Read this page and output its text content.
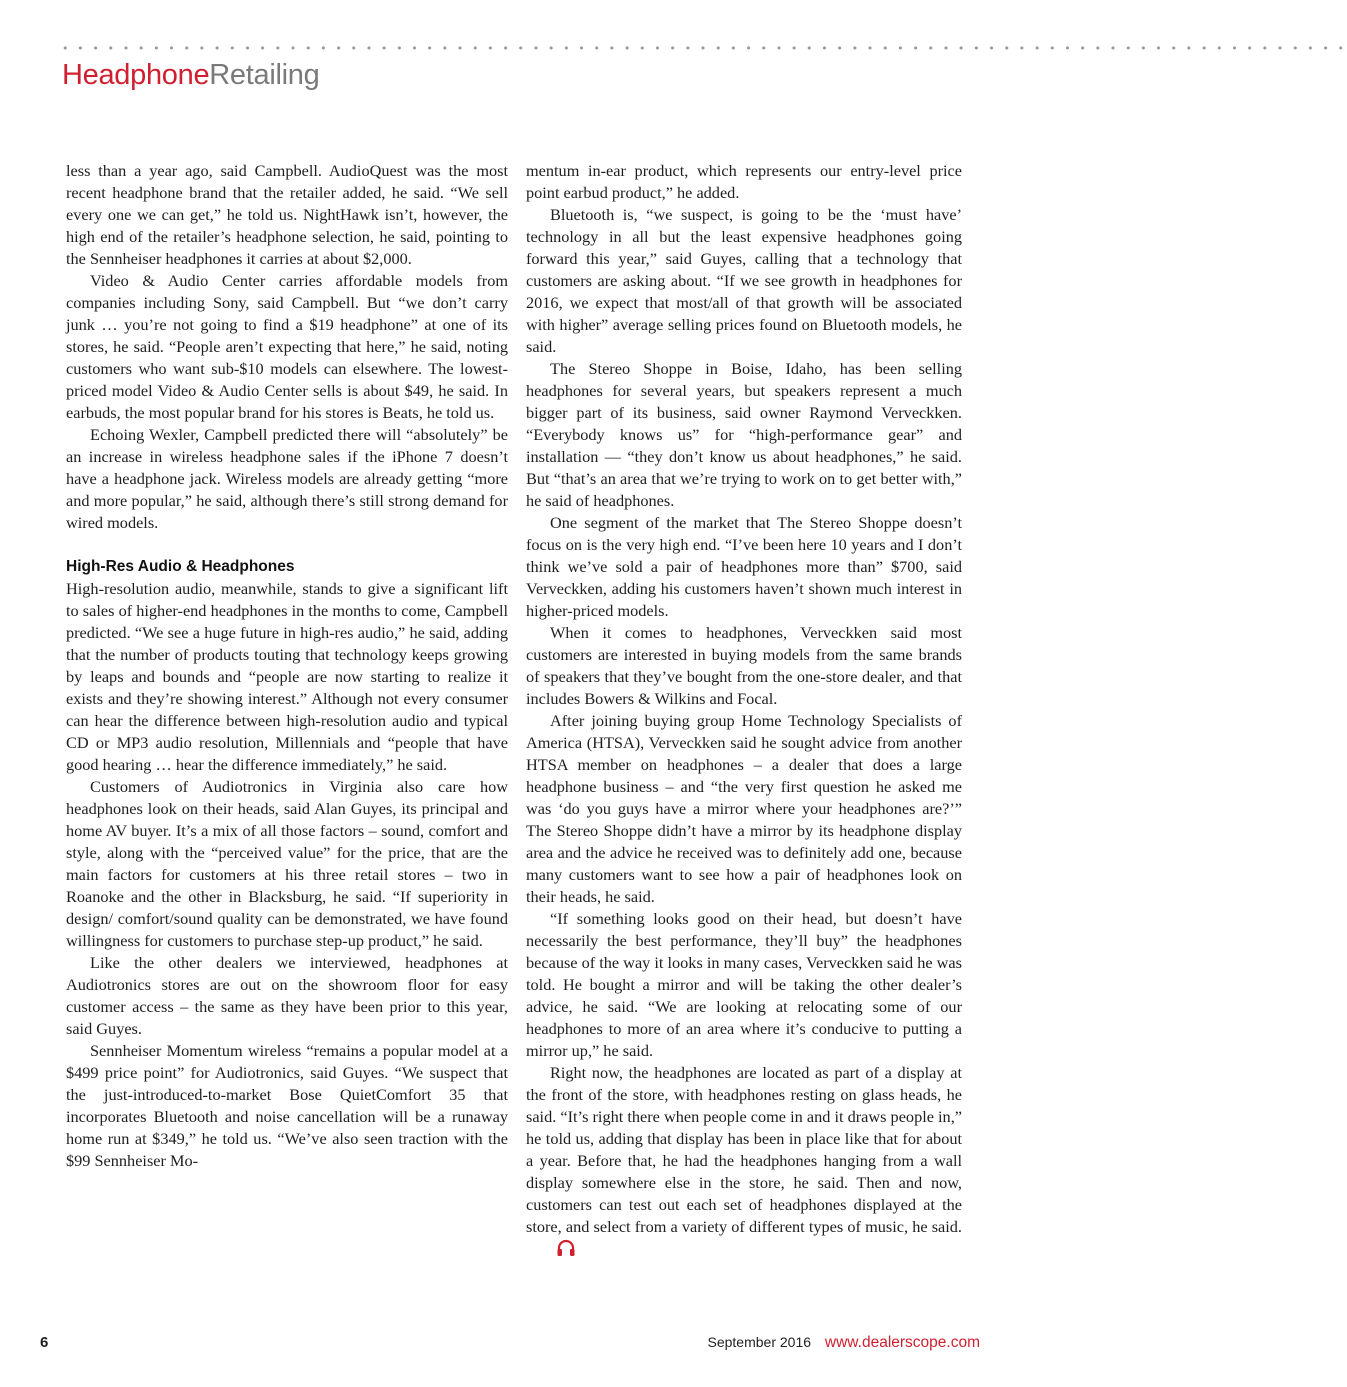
• • • • • • • • • • • • • • • • • • • • • • • • • • • • • • • • • • • • • • • • • • • • • • • • • • • • • • • • • • • • • • • • • • • • • • • • • • • • • • • • • • • • •
HeadphoneRetailing

less than a year ago, said Campbell. AudioQuest was the most recent headphone brand that the retailer added, he said. “We sell every one we can get,” he told us. NightHawk isn’t, however, the high end of the retailer’s headphone selection, he said, pointing to the Sennheiser headphones it carries at about $2,000.

Video & Audio Center carries affordable models from companies including Sony, said Campbell. But “we don’t carry junk … you’re not going to find a $19 headphone” at one of its stores, he said. “People aren’t expecting that here,” he said, noting customers who want sub-$10 models can elsewhere. The lowest-priced model Video & Audio Center sells is about $49, he said. In earbuds, the most popular brand for his stores is Beats, he told us.

Echoing Wexler, Campbell predicted there will “absolutely” be an increase in wireless headphone sales if the iPhone 7 doesn’t have a headphone jack. Wireless models are already getting “more and more popular,” he said, although there’s still strong demand for wired models.

High-Res Audio & Headphones

High-resolution audio, meanwhile, stands to give a significant lift to sales of higher-end headphones in the months to come, Campbell predicted. “We see a huge future in high-res audio,” he said, adding that the number of products touting that technology keeps growing by leaps and bounds and “people are now starting to realize it exists and they’re showing interest.” Although not every consumer can hear the difference between high-resolution audio and typical CD or MP3 audio resolution, Millennials and “people that have good hearing … hear the difference immediately,” he said.

Customers of Audiotronics in Virginia also care how headphones look on their heads, said Alan Guyes, its principal and home AV buyer. It’s a mix of all those factors – sound, comfort and style, along with the “perceived value” for the price, that are the main factors for customers at his three retail stores – two in Roanoke and the other in Blacksburg, he said. “If superiority in design/ comfort/sound quality can be demonstrated, we have found willingness for customers to purchase step-up product,” he said.

Like the other dealers we interviewed, headphones at Audiotronics stores are out on the showroom floor for easy customer access – the same as they have been prior to this year, said Guyes.

Sennheiser Momentum wireless “remains a popular model at a $499 price point” for Audiotronics, said Guyes. “We suspect that the just-introduced-to-market Bose QuietComfort 35 that incorporates Bluetooth and noise cancellation will be a runaway home run at $349,” he told us. “We’ve also seen traction with the $99 Sennheiser Mo-

mentum in-ear product, which represents our entry-level price point earbud product,” he added.

Bluetooth is, “we suspect, is going to be the ‘must have’ technology in all but the least expensive headphones going forward this year,” said Guyes, calling that a technology that customers are asking about. “If we see growth in headphones for 2016, we expect that most/all of that growth will be associated with higher” average selling prices found on Bluetooth models, he said.

The Stereo Shoppe in Boise, Idaho, has been selling headphones for several years, but speakers represent a much bigger part of its business, said owner Raymond Verveckken. “Everybody knows us” for “high-performance gear” and installation — “they don’t know us about headphones,” he said. But “that’s an area that we’re trying to work on to get better with,” he said of headphones.

One segment of the market that The Stereo Shoppe doesn’t focus on is the very high end. “I’ve been here 10 years and I don’t think we’ve sold a pair of headphones more than” $700, said Verveckken, adding his customers haven’t shown much interest in higher-priced models.

When it comes to headphones, Verveckken said most customers are interested in buying models from the same brands of speakers that they’ve bought from the one-store dealer, and that includes Bowers & Wilkins and Focal.

After joining buying group Home Technology Specialists of America (HTSA), Verveckken said he sought advice from another HTSA member on headphones – a dealer that does a large headphone business – and “the very first question he asked me was ‘do you guys have a mirror where your headphones are?’” The Stereo Shoppe didn’t have a mirror by its headphone display area and the advice he received was to definitely add one, because many customers want to see how a pair of headphones look on their heads, he said.

“If something looks good on their head, but doesn’t have necessarily the best performance, they’ll buy” the headphones because of the way it looks in many cases, Verveckken said he was told. He bought a mirror and will be taking the other dealer’s advice, he said. “We are looking at relocating some of our headphones to more of an area where it’s conducive to putting a mirror up,” he said.

Right now, the headphones are located as part of a display at the front of the store, with headphones resting on glass heads, he said. “It’s right there when people come in and it draws people in,” he told us, adding that display has been in place like that for about a year. Before that, he had the headphones hanging from a wall display somewhere else in the store, he said. Then and now, customers can test out each set of headphones displayed at the store, and select from a variety of different types of music, he said.

6	September 2016 www.dealerscope.com
